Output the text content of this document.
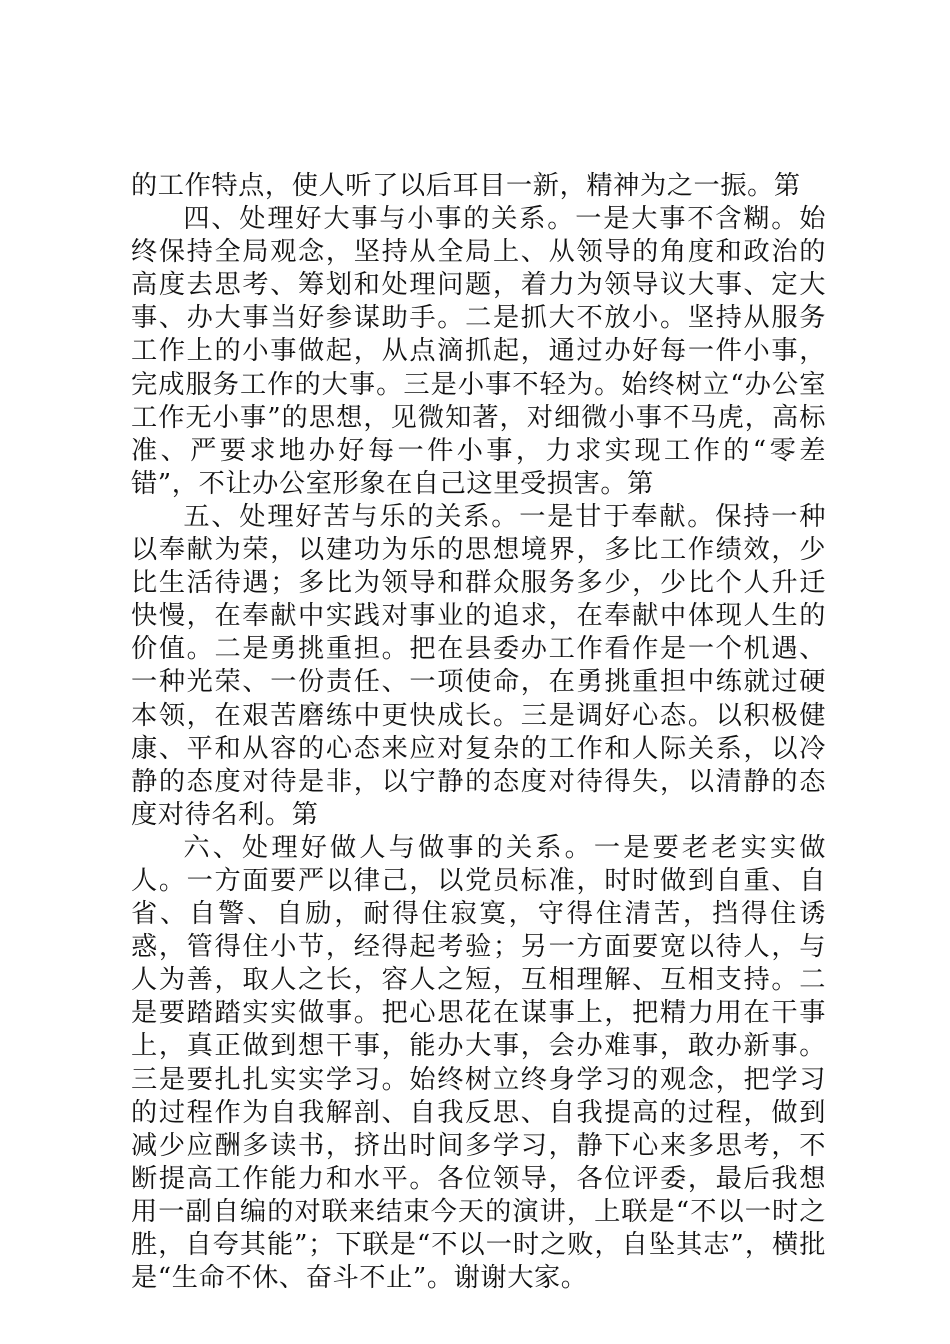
的工作特点，使人听了以后耳目一新，精神为之一振。第

四、处理好大事与小事的关系。一是大事不含糊。始终保持全局观念，坚持从全局上、从领导的角度和政治的高度去思考、筹划和处理问题，着力为领导议大事、定大事、办大事当好参谋助手。二是抓大不放小。坚持从服务工作上的小事做起，从点滴抓起，通过办好每一件小事，完成服务工作的大事。三是小事不轻为。始终树立“办公室工作无小事”的思想，见微知著，对细微小事不马虎，高标准、严要求地办好每一件小事，力求实现工作的“零差错”，不让办公室形象在自己这里受损害。第

五、处理好苦与乐的关系。一是甘于奉献。保持一种以奉献为荣，以建功为乐的思想境界，多比工作绩效，少比生活待遇；多比为领导和群众服务多少，少比个人升迁快慢，在奉献中实践对事业的追求，在奉献中体现人生的价值。二是勇挑重担。把在县委办工作看作是一个机遇、一种光荣、一份责任、一项使命，在勇挑重担中练就过硬本领，在艰苦磨练中更快成长。三是调好心态。以积极健康、平和从容的心态来应对复杂的工作和人际关系，以冷静的态度对待是非，以宁静的态度对待得失，以清静的态度对待名利。第

六、处理好做人与做事的关系。一是要老老实实做人。一方面要严以律己，以党员标准，时时做到自重、自省、自警、自励，耐得住寂寞，守得住清苦，挡得住诱惑，管得住小节，经得起考验；另一方面要宽以待人，与人为善，取人之长，容人之短，互相理解、互相支持。二是要踏踏实实做事。把心思花在谋事上，把精力用在干事上，真正做到想干事，能办大事，会办难事，敢办新事。三是要扎扎实实学习。始终树立终身学习的观念，把学习的过程作为自我解剖、自我反思、自我提高的过程，做到减少应酬多读书，挤出时间多学习，静下心来多思考，不断提高工作能力和水平。各位领导，各位评委，最后我想用一副自编的对联来结束今天的演讲，上联是“不以一时之胜，自夸其能”；下联是“不以一时之败，自坠其志”，横批是“生命不休、奋斗不止”。谢谢大家。
